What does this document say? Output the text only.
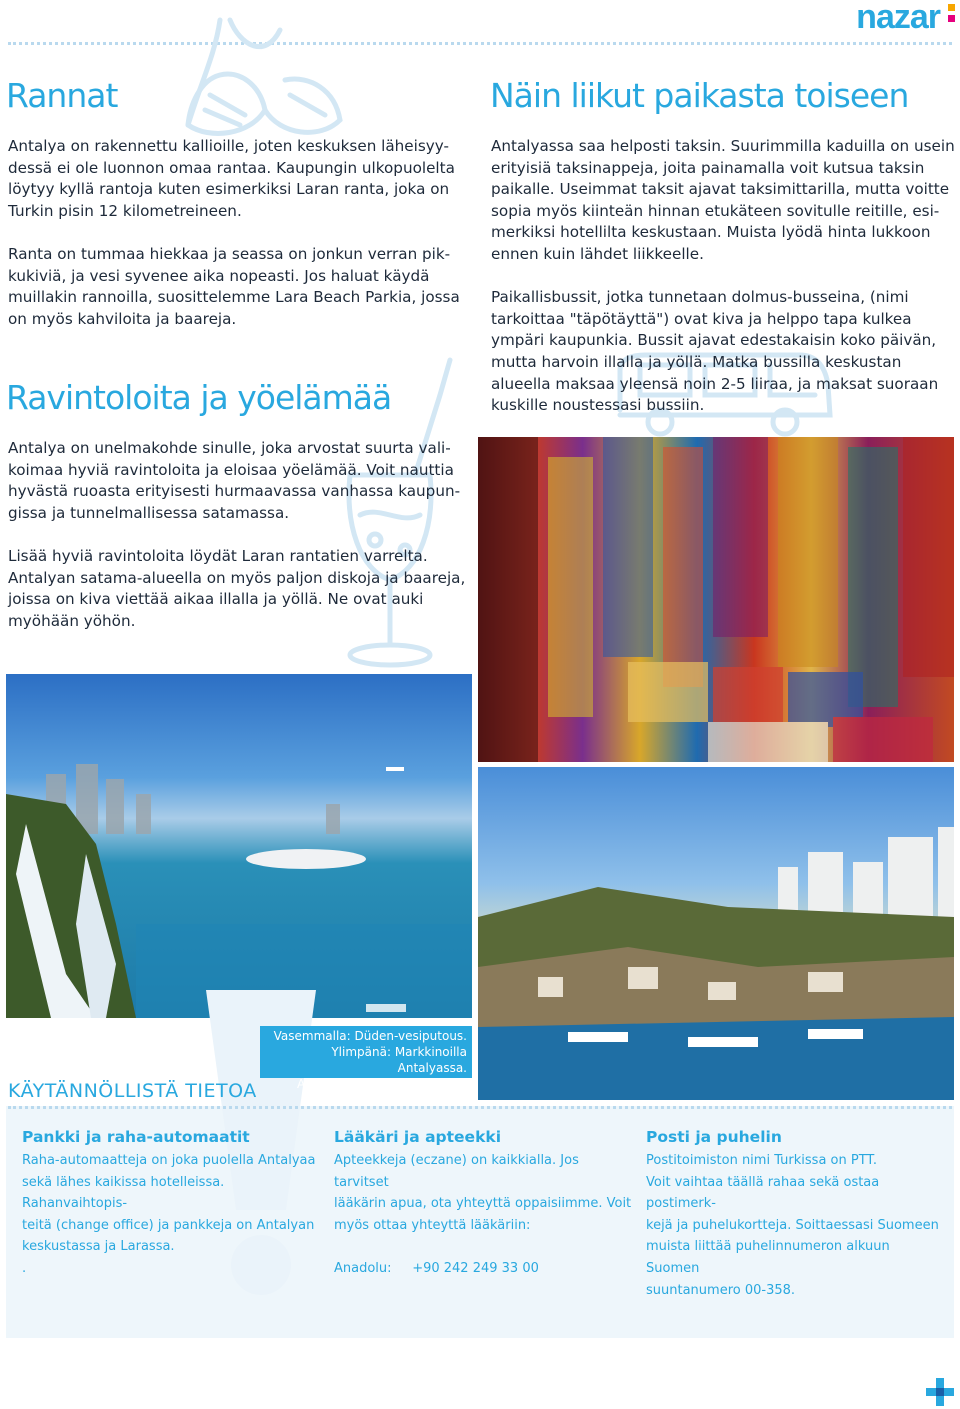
nazar
Rannat
Antalya on rakennettu kallioille, joten keskuksen läheisyy-
dessä ei ole luonnon omaa rantaa. Kaupungin ulkopuolelta
löytyy kyllä rantoja kuten esimerkiksi Laran ranta, joka on
Turkin pisin 12 kilometreineen.
Ranta on tummaa hiekkaa ja seassa on jonkun verran pik-
kukiviä, ja vesi syvenee aika nopeasti. Jos haluat käydä
muillakin rannoilla, suosittelemme Lara Beach Parkia, jossa
on myös kahviloita ja baareja.
Ravintoloita ja yöelämää
Antalya on unelmakohde sinulle, joka arvostat suurta vali-
koimaa hyviä ravintoloita ja eloisaa yöelämää. Voit nauttia
hyvästä ruoasta erityisesti hurmaavassa vanhassa kaupun-
gissa ja tunnelmallisessa satamassa.
Lisää hyviä ravintoloita löydät Laran rantatien varrelta.
Antalyan satama-alueella on myös paljon diskoja ja baareja,
joissa on kiva viettää aikaa illalla ja yöllä. Ne ovat auki
myöhään yöhön.
Näin liikut paikasta toiseen
Antalyassa saa helposti taksin. Suurimmilla kaduilla on usein
erityisiä taksinappeja, joita painamalla voit kutsua taksin
paikalle. Useimmat taksit ajavat taksimittarilla, mutta voitte
sopia myös kiinteän hinnan etukäteen sovitulle reitille, esi-
merkiksi hotellilta keskustaan. Muista lyödä hinta lukkoon
ennen kuin lähdet liikkeelle.
Paikallisbussit, jotka tunnetaan dolmus-busseina, (nimi
tarkoittaa "täpötäyttä") ovat kiva ja helppo tapa kulkea
ympäri kaupunkia. Bussit ajavat edestakaisin koko päivän,
mutta harvoin illalla ja yöllä. Matka bussilla keskustan
alueella maksaa yleensä noin 2-5 liiraa, ja maksat suoraan
kuskille noustessasi bussiin.
Vasemmalla: Düden-vesiputous.
Ylimpänä: Markkinoilla Antalyassa.
Alimpana: Antalyan satama.
KÄYTÄNNÖLLISTÄ TIETOA
Pankki ja raha-automaatit
Raha-automaatteja on joka puolella Antalyaa
sekä lähes kaikissa hotelleissa. Rahanvaihtopis-
teitä (change office) ja pankkeja on Antalyan
keskustassa ja Larassa.
.
Lääkäri ja apteekki
Apteekkeja (eczane) on kaikkialla. Jos tarvitset
lääkärin apua, ota yhteyttä oppaisiimme. Voit
myös ottaa yhteyttä lääkäriin:
Anadolu:     +90 242 249 33 00
Posti ja puhelin
Postitoimiston nimi Turkissa on PTT.
Voit vaihtaa täällä rahaa sekä ostaa postimerk-
kejä ja puhelukortteja. Soittaessasi Suomeen
muista liittää puhelinnumeron alkuun Suomen
suuntanumero 00-358.
